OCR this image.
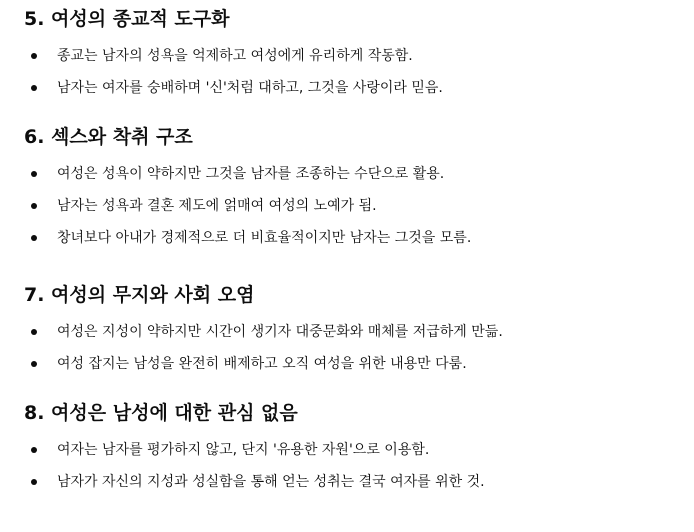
5. 여성의 종교적 도구화
종교는 남자의 성욕을 억제하고 여성에게 유리하게 작동함.
남자는 여자를 숭배하며 '신'처럼 대하고, 그것을 사랑이라 믿음.
6. 섹스와 착취 구조
여성은 성욕이 약하지만 그것을 남자를 조종하는 수단으로 활용.
남자는 성욕과 결혼 제도에 얽매여 여성의 노예가 됨.
창녀보다 아내가 경제적으로 더 비효율적이지만 남자는 그것을 모름.
7. 여성의 무지와 사회 오염
여성은 지성이 약하지만 시간이 생기자 대중문화와 매체를 저급하게 만듦.
여성 잡지는 남성을 완전히 배제하고 오직 여성을 위한 내용만 다룸.
8. 여성은 남성에 대한 관심 없음
여자는 남자를 평가하지 않고, 단지 '유용한 자원'으로 이용함.
남자가 자신의 지성과 성실함을 통해 얻는 성취는 결국 여자를 위한 것.
